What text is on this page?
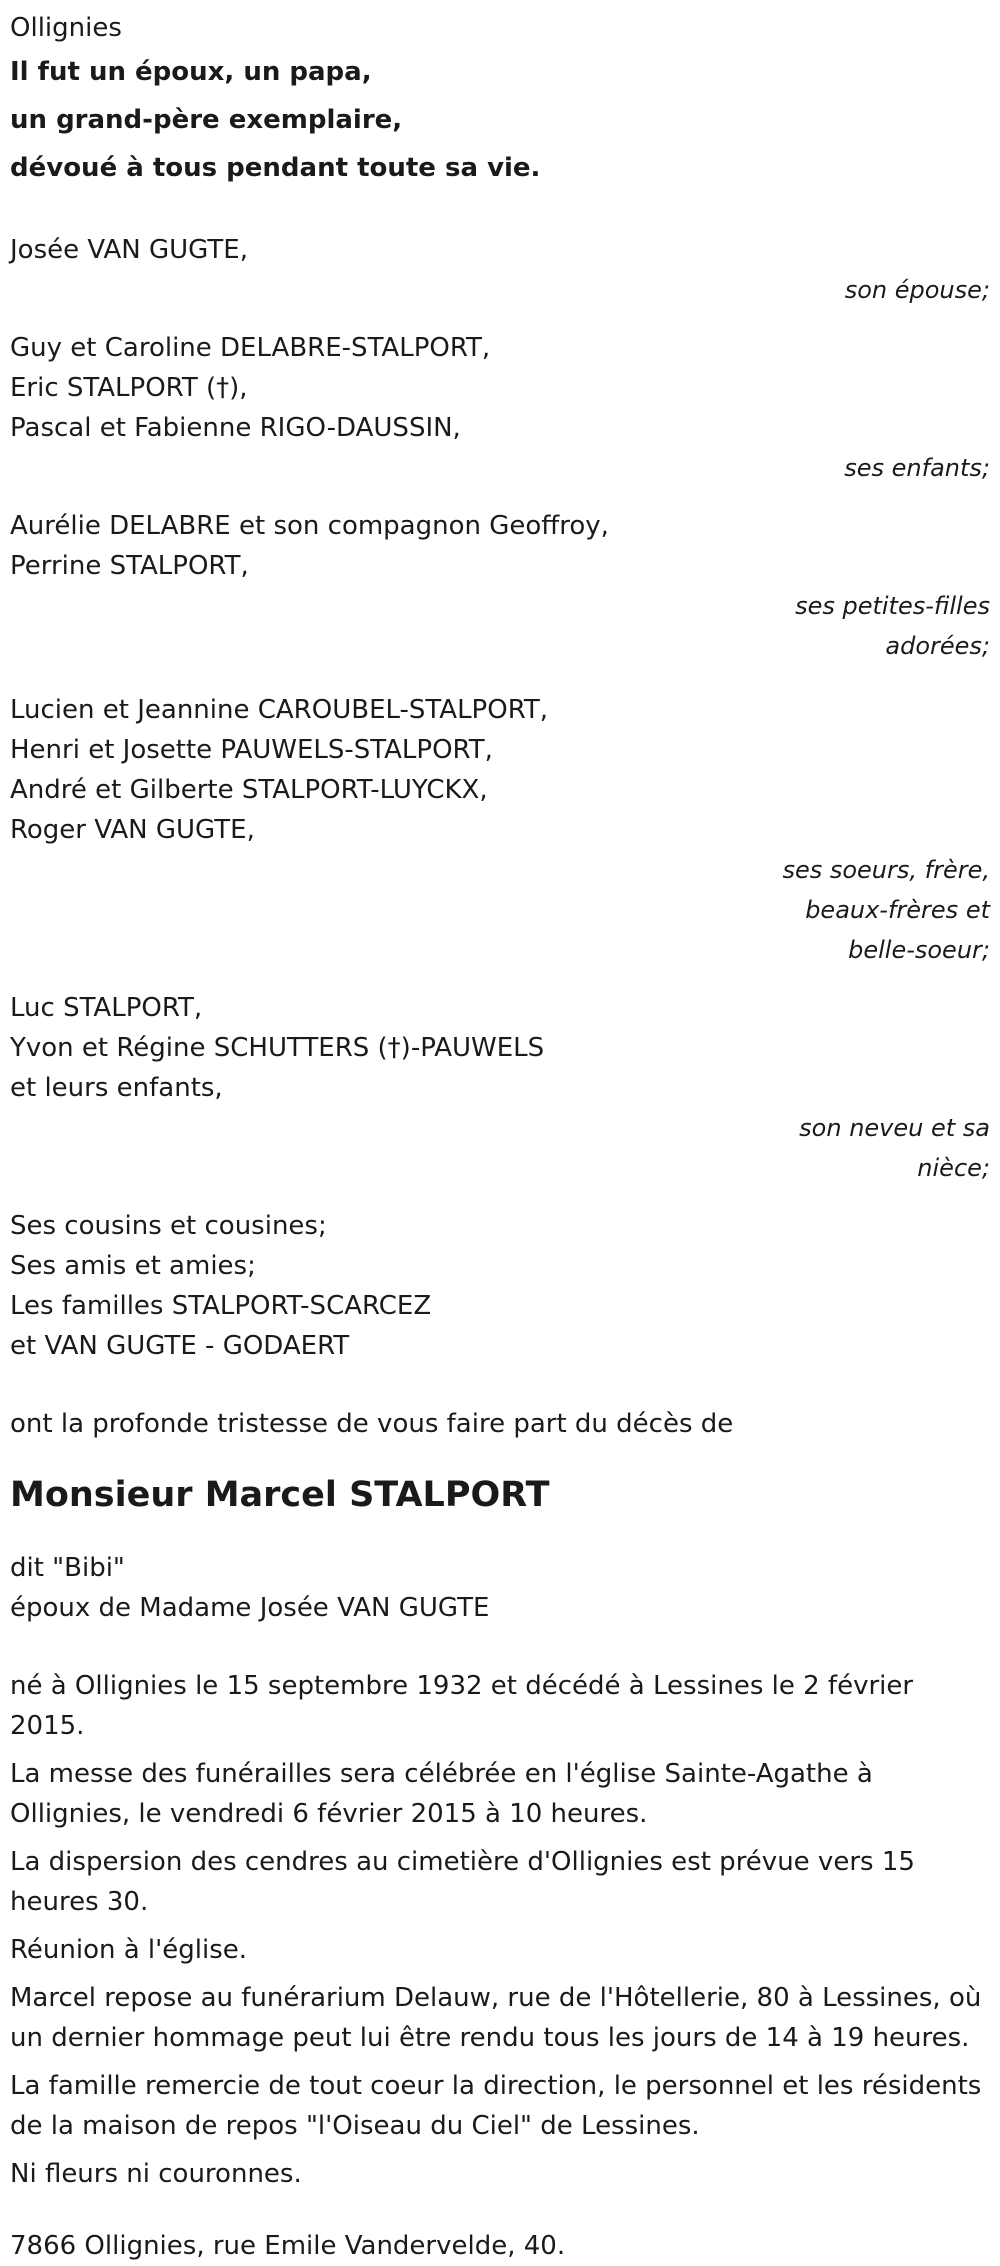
Ollignies
Il fut un époux, un papa,
un grand-père exemplaire,
dévoué à tous pendant toute sa vie.
Josée VAN GUGTE,
son épouse;
Guy et Caroline DELABRE-STALPORT,
Eric STALPORT (†),
Pascal et Fabienne RIGO-DAUSSIN,
ses enfants;
Aurélie DELABRE et son compagnon Geoffroy,
Perrine STALPORT,
ses petites-filles
adorées;
Lucien et Jeannine CAROUBEL-STALPORT,
Henri et Josette PAUWELS-STALPORT,
André et Gilberte STALPORT-LUYCKX,
Roger VAN GUGTE,
ses soeurs, frère,
beaux-frères et
belle-soeur;
Luc STALPORT,
Yvon et Régine SCHUTTERS (†)-PAUWELS
et leurs enfants,
son neveu et sa
nièce;
Ses cousins et cousines;
Ses amis et amies;
Les familles STALPORT-SCARCEZ
et VAN GUGTE - GODAERT
ont la profonde tristesse de vous faire part du décès de
Monsieur Marcel STALPORT
dit "Bibi"
époux de Madame Josée VAN GUGTE
né à Ollignies le 15 septembre 1932 et décédé à Lessines le 2 février 2015.
La messe des funérailles sera célébrée en l'église Sainte-Agathe à Ollignies, le vendredi 6 février 2015 à 10 heures.
La dispersion des cendres au cimetière d'Ollignies est prévue vers 15 heures 30.
Réunion à l'église.
Marcel repose au funérarium Delauw, rue de l'Hôtellerie, 80 à Lessines, où un dernier hommage peut lui être rendu tous les jours de 14 à 19 heures.
La famille remercie de tout coeur la direction, le personnel et les résidents de la maison de repos "l'Oiseau du Ciel" de Lessines.
Ni fleurs ni couronnes.
7866 Ollignies, rue Emile Vandervelde, 40.
